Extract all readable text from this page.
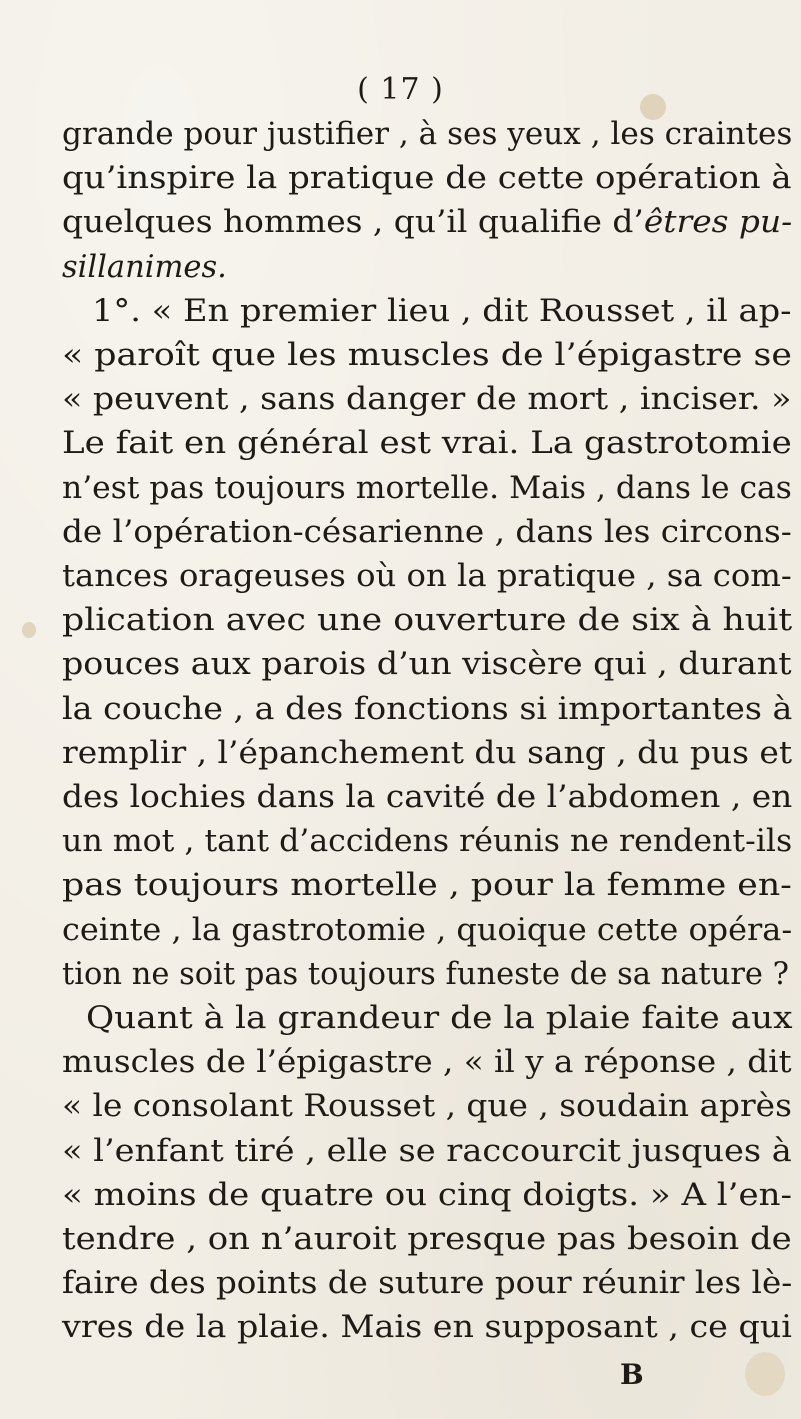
( 17 )
grande pour justifier , à ses yeux , les craintes
qu’inspire la pratique de cette opération à
quelques hommes , qu’il qualifie d’êtres pu-
sillanimes.
1°. « En premier lieu , dit Rousset , il ap-
« paroît que les muscles de l’épigastre se
« peuvent , sans danger de mort , inciser. »
Le fait en général est vrai. La gastrotomie
n’est pas toujours mortelle. Mais , dans le cas
de l’opération-césarienne , dans les circons-
tances orageuses où on la pratique , sa com-
plication avec une ouverture de six à huit
pouces aux parois d’un viscère qui , durant
la couche , a des fonctions si importantes à
remplir , l’épanchement du sang , du pus et
des lochies dans la cavité de l’abdomen , en
un mot , tant d’accidens réunis ne rendent-ils
pas toujours mortelle , pour la femme en-
ceinte , la gastrotomie , quoique cette opéra-
tion ne soit pas toujours funeste de sa nature ?
Quant à la grandeur de la plaie faite aux
muscles de l’épigastre , « il y a réponse , dit
« le consolant Rousset , que , soudain après
« l’enfant tiré , elle se raccourcit jusques à
« moins de quatre ou cinq doigts. » A l’en-
tendre , on n’auroit presque pas besoin de
faire des points de suture pour réunir les lè-
vres de la plaie. Mais en supposant , ce qui
B
